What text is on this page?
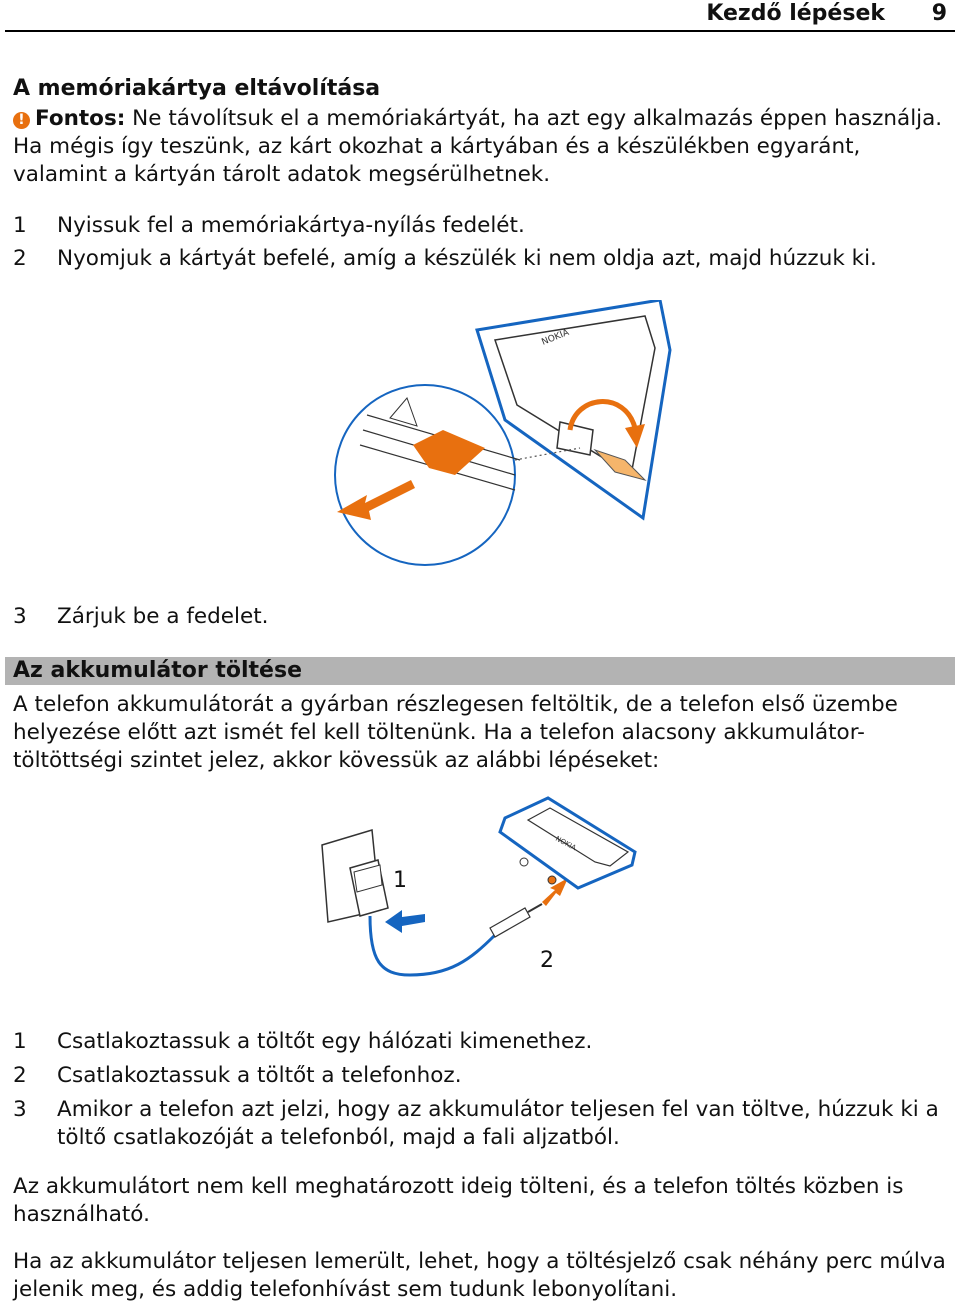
Kezdő lépések 9
A memóriakártya eltávolítása

! Fontos: Ne távolítsuk el a memóriakártyát, ha azt egy alkalmazás éppen használja. Ha mégis így teszünk, az kárt okozhat a kártyában és a készülékben egyaránt, valamint a kártyán tárolt adatok megsérülhetnek.

1	Nyissuk fel a memóriakártya-nyílás fedelét.
2	Nyomjuk a kártyát befelé, amíg a készülék ki nem oldja azt, majd húzzuk ki.
NOKIA
3	Zárjuk be a fedelet.
Az akkumulátor töltése

A telefon akkumulátorát a gyárban részlegesen feltöltik, de a telefon első üzembe helyezése előtt azt ismét fel kell töltenünk. Ha a telefon alacsony akkumulátor-töltöttségi szintet jelez, akkor kövessük az alábbi lépéseket:

1
NOKIA
2
1	Csatlakoztassuk a töltőt egy hálózati kimenethez.
2	Csatlakoztassuk a töltőt a telefonhoz.
3	Amikor a telefon azt jelzi, hogy az akkumulátor teljesen fel van töltve, húzzuk ki a töltő csatlakozóját a telefonból, majd a fali aljzatból.

Az akkumulátort nem kell meghatározott ideig tölteni, és a telefon töltés közben is használható.

Ha az akkumulátor teljesen lemerült, lehet, hogy a töltésjelző csak néhány perc múlva jelenik meg, és addig telefonhívást sem tudunk lebonyolítani.
